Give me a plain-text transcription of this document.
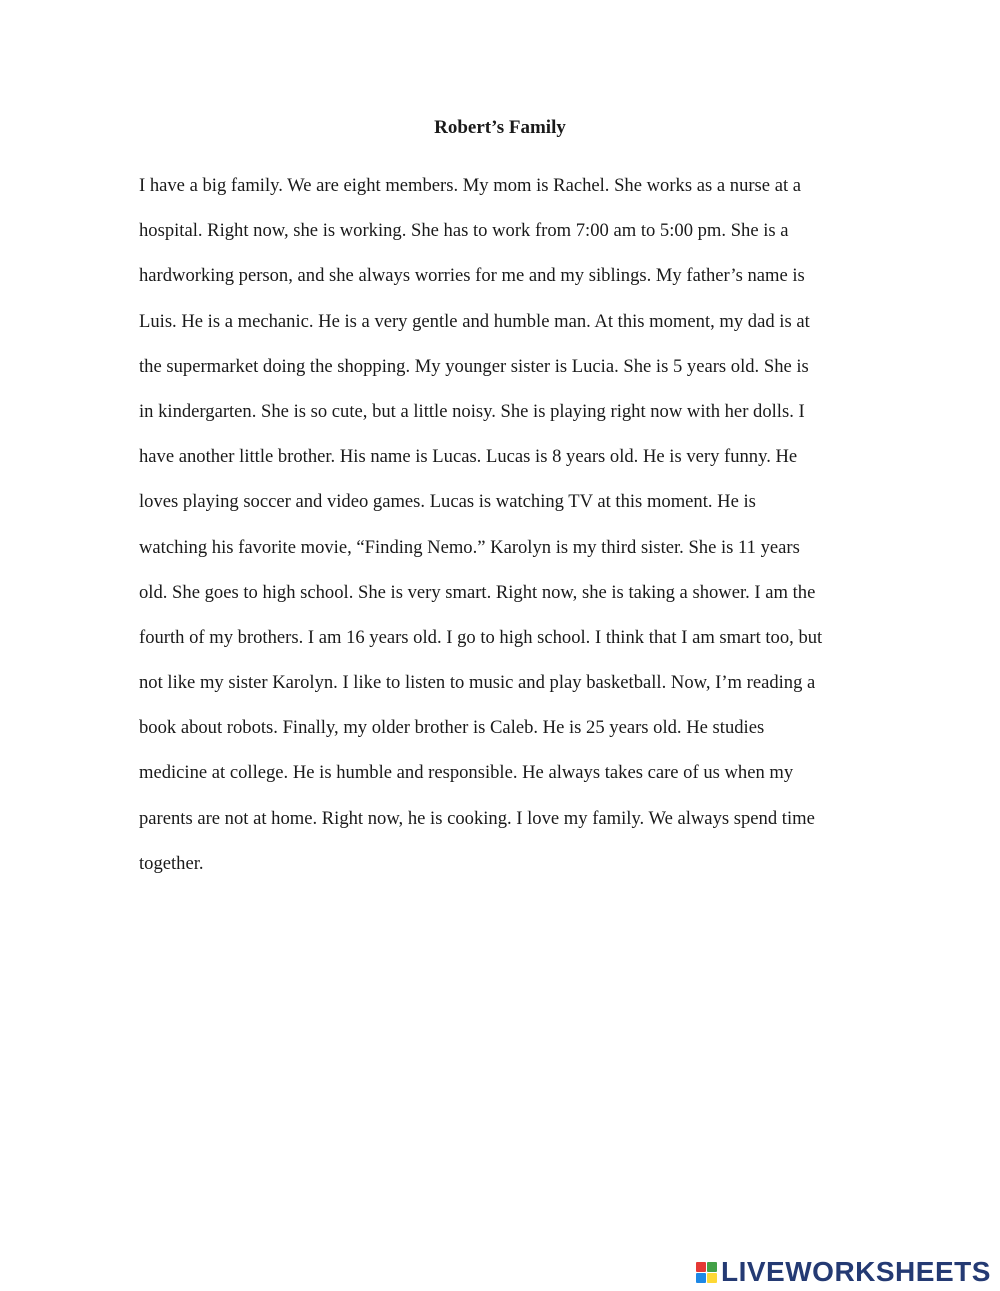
Robert’s Family
I have a big family. We are eight members. My mom is Rachel. She works as a nurse at a
hospital. Right now, she is working. She has to work from 7:00 am to 5:00 pm. She is a
hardworking person, and she always worries for me and my siblings. My father’s name is
Luis. He is a mechanic. He is a very gentle and humble man. At this moment, my dad is at
the supermarket doing the shopping. My younger sister is Lucia. She is 5 years old. She is
in kindergarten. She is so cute, but a little noisy. She is playing right now with her dolls. I
have another little brother. His name is Lucas. Lucas is 8 years old. He is very funny. He
loves playing soccer and video games. Lucas is watching TV at this moment. He is
watching his favorite movie, “Finding Nemo.” Karolyn is my third sister. She is 11 years
old. She goes to high school. She is very smart. Right now, she is taking a shower. I am the
fourth of my brothers. I am 16 years old. I go to high school. I think that I am smart too, but
not like my sister Karolyn. I like to listen to music and play basketball. Now, I’m reading a
book about robots. Finally, my older brother is Caleb. He is 25 years old. He studies
medicine at college. He is humble and responsible. He always takes care of us when my
parents are not at home. Right now, he is cooking. I love my family. We always spend time
together.
LIVEWORKSHEETS
